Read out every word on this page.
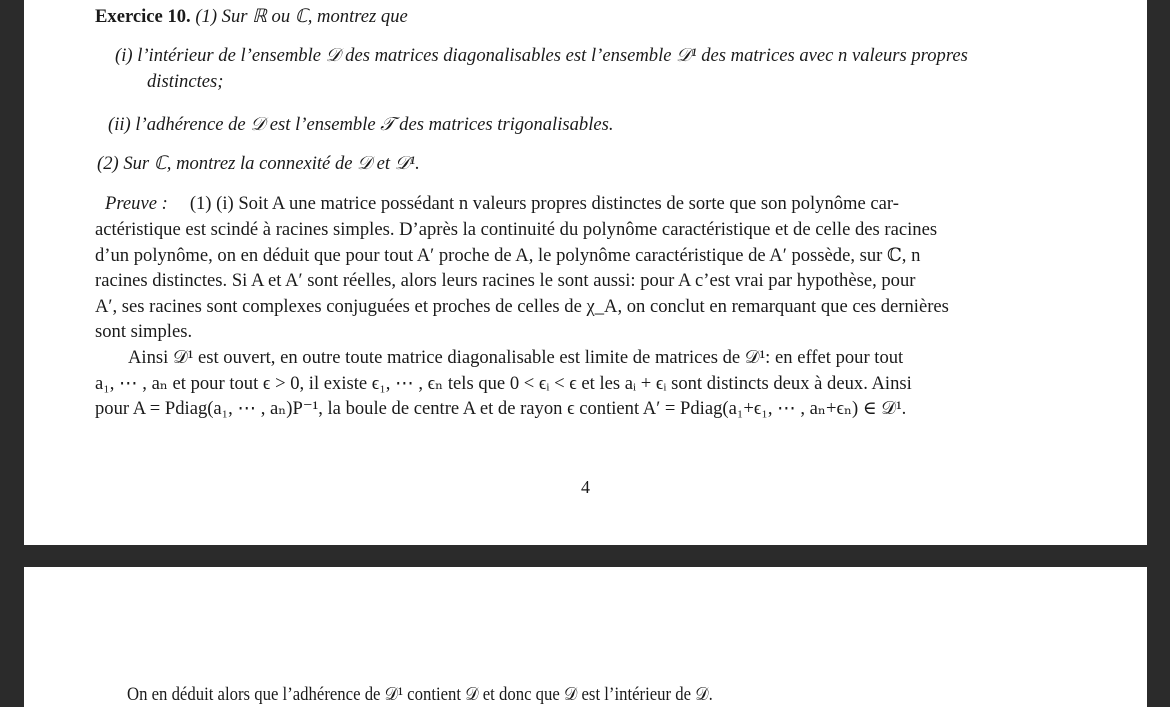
Exercice 10. (1) Sur ℝ ou ℂ, montrez que
(i) l’intérieur de l’ensemble 𝒟 des matrices diagonalisables est l’ensemble 𝒟¹ des matrices avec n valeurs propres
distinctes;
(ii) l’adhérence de 𝒟 est l’ensemble 𝒯 des matrices trigonalisables.
(2) Sur ℂ, montrez la connexité de 𝒟 et 𝒟¹.
Preuve : (1) (i) Soit A une matrice possédant n valeurs propres distinctes de sorte que son polynôme car-
actéristique est scindé à racines simples. D’après la continuité du polynôme caractéristique et de celle des racines
d’un polynôme, on en déduit que pour tout A′ proche de A, le polynôme caractéristique de A′ possède, sur ℂ, n
racines distinctes. Si A et A′ sont réelles, alors leurs racines le sont aussi: pour A c’est vrai par hypothèse, pour
A′, ses racines sont complexes conjuguées et proches de celles de χ_A, on conclut en remarquant que ces dernières
sont simples.
Ainsi 𝒟¹ est ouvert, en outre toute matrice diagonalisable est limite de matrices de 𝒟¹: en effet pour tout
a₁, ⋯ , aₙ et pour tout ϵ > 0, il existe ϵ₁, ⋯ , ϵₙ tels que 0 < ϵᵢ < ϵ et les aᵢ + ϵᵢ sont distincts deux à deux. Ainsi
pour A = Pdiag(a₁, ⋯ , aₙ)P⁻¹, la boule de centre A et de rayon ϵ contient A′ = Pdiag(a₁+ϵ₁, ⋯ , aₙ+ϵₙ) ∈ 𝒟¹.
4
On en déduit alors que l’adhérence de 𝒟¹ contient 𝒟 et donc que 𝒟 est l’intérieur de 𝒟.
